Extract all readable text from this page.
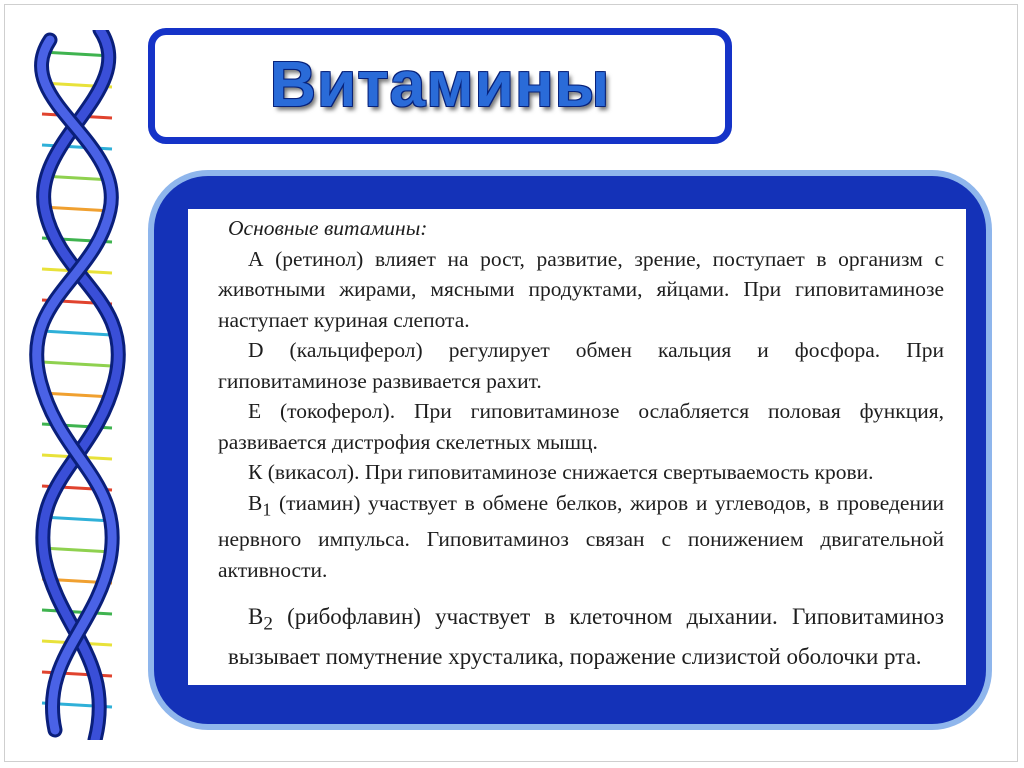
Витамины

Основные витамины:

А (ретинол) влияет на рост, развитие, зрение, поступает в организм с животными жирами, мясными продуктами, яйцами. При гиповитаминозе наступает куриная слепота.

D (кальциферол) регулирует обмен кальция и фосфора. При гиповитаминозе развивается рахит.

Е (токоферол). При гиповитаминозе ослабляется половая функция, развивается дистрофия скелетных мышц.

К (викасол). При гиповитаминозе снижается свертываемость крови.

$В_1$ (тиамин) участвует в обмене белков, жиров и углеводов, в проведении нервного импульса. Гиповитаминоз связан с понижением двигательной активности.

$В_2$ (рибофлавин) участвует в клеточном дыхании. Гиповитаминоз вызывает помутнение хрусталика, поражение слизистой оболочки рта.
